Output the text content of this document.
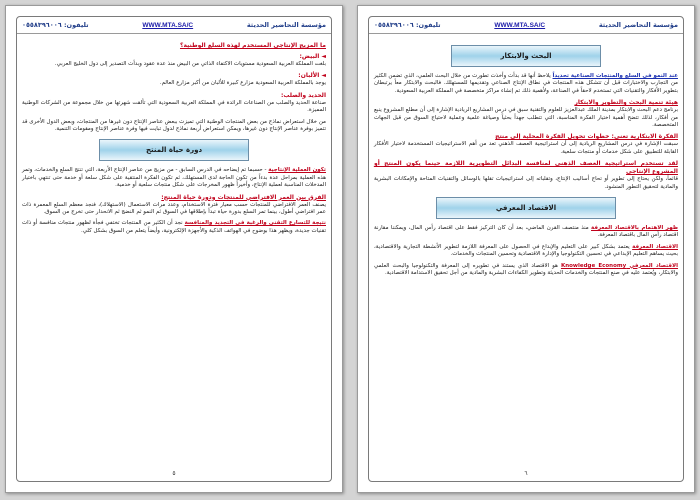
مؤسسة التحاضير الحديثة
WWW.MTA.SA/C
تليفون: ٠٥٥٨٣٩٦٠٠٦
البحث والابتكار

عند النمو في السلع والمنتجات الصناعية تحديداً يلاحظ أنها قد بدأت وأخذت تطورت من خلال البحث العلمي، الذي تضمن الكثير من التجارب والاختبارات قبل أن تتشكل هذه المنتجات في نطاق الإنتاج الصناعي وتقديمها للمستهلك. فالبحث والابتكار معاً يرتبطان بتطوير الأفكار والتقنيات التي تستخدم لاحقاً في الصناعة، ولأهمية ذلك تم إنشاء مراكز متخصصة في المملكة العربية السعودية.

هيئة تنمية البحث والتطوير والابتكار

برنامج دعم البحث والابتكار بمدينة الملك عبدالعزيز للعلوم والتقنية سبق في درس المشاريع الريادية الإشارة إلى أن مطلع المشروع ينبع من أفكار، لذلك تتضح أهمية اختيار الفكرة المناسبة، التي تتطلب جهداً بحثياً وصياغة علمية وعملية لاحتياج السوق من قبل الجهات المتخصصة.

الفكرة الابتكارية تعني: خطوات تحويل الفكرة المحلية إلى منتج

سبقت الإشارة في درس المشاريع الريادية إلى أن استراتيجية العصف الذهني تعد من أهم الاستراتيجيات المستخدمة لاختيار الأفكار القابلة للتطبيق على شكل خدمات أو منتجات سلعية.

لقد تستخدم استراتيجية العصف الذهني لمنافسة البدائل التطويرية اللازمة حينما يكون المنتج أو المشروع الإنتاجي

قائماً، ولكن يحتاج إلى تطوير أو تحاج أساليب الإنتاج، وتقلباته إلى استراتيجيات تقلها بالوسائل والتقنيات المتاحة والإمكانات البشرية والمادية لتحقيق التطور المنشود.

الاقتصاد المعرفي

ظهر الاهتمام بالاقتصاد المعرفة منذ منتصف القرن الماضي، بعد أن كان التركيز فقط على اقتصاد رأس المال، ويمكننا مقارنة اقتصاد رأس المال باقتصاد المعرفة.

الاقتصاد المعرفة يعتمد بشكل كبير على التعليم والإبداع في الحصول على المعرفة اللازمة لتطوير الأنشطة التجارية والاقتصادية، بحيث يساهم التعليم الإبداعي في تحسين التكنولوجيا والإدارة الاقتصادية وتحسين المنتجات والخدمات.

الاقتصاد المعرفي Knowledge Economy هو الاقتصاد الذي يستند في تطويره إلى المعرفة والتكنولوجيا والبحث العلمي والابتكار، ويُعتمد عليه في صنع المنتجات والخدمات الحديثة وتطوير الكفاءات البشرية والمادية من أجل تحقيق الاستدامة الاقتصادية.

٦
مؤسسة التحاضير الحديثة
WWW.MTA.SA/C
تليفون: ٠٥٥٨٣٩٦٠٠٦
ما المزيج الإنتاجي المستخدم لهذه السلع الوطنية؟
◄ البيض:

بلغت المملكة العربية السعودية مستويات الاكتفاء الذاتي من البيض منذ عدة عقود وبدأت التصدير إلى دول الخليج العربي.

◄ الألبان:

يوجد بالمملكة العربية السعودية مزارع كبيرة للألبان من أكبر مزارع العالم.

الحديد والصلب:

صناعة الحديد والصلب من الصناعات الرائدة في المملكة العربية السعودية التي تألقت شهرتها من خلال مجموعة من الشركات الوطنية المميزة.

من خلال استعراض نماذج من بعض المنتجات الوطنية التي تميزت ببعض عناصر الإنتاج دون غيرها من المنتجات، وبعض الدول الأخرى قد تتميز بوفرة عناصر الإنتاج دون غيرها، ويمكن استعراض أربعة نماذج لدول تبايت فيها وفرة عناصر الإنتاج ومقومات التنمية.

دورة حياة المنتج

تكون العملية الإنتاجية - حسبما تم إيضاحه في الدرس السابق - من مزيج من عناصر الإنتاج الأربعة، التي تنتج السلع والخدمات، وتمر هذه العملية بمراحل عدة بدءاً من تكون الحاجة لدى المستهلك، ثم تكون الفكرة المنتقية على شكل سلعة أو خدمة حتى تنتهي باختيار المدخلات المناسبة لعملية الإنتاج، وأخيراً ظهور المخرجات على شكل منتجات سلعية أو خدمية.

الفرق بين العمر الافتراضي للمنتجات ودورة حياة المنتج:

يصنف العمر الافتراضي للمنتجات حسب معيار فترة الاستخدام، وعدد مرات الاستعمال (الاستهلاك)، فنجد معظم السلع المعمرة ذات عمر افتراضي أطول، بينما تمر السلع بدورة حياة تبدأ بإطلاقها في السوق ثم النمو ثم النضج ثم الانحدار حتى تخرج من السوق.

نتيجة للتسارع التقني والرغبة في التجديد والمنافسة نجد أن الكثير من المنتجات تختفي فجأة لظهور منتجات منافسة أو ذات تقنيات جديدة، ويظهر هذا بوضوح في الهواتف الذكية والأجهزة الإلكترونية، وأيضاً يتعلم من السوق بشكل كلي.

٥
